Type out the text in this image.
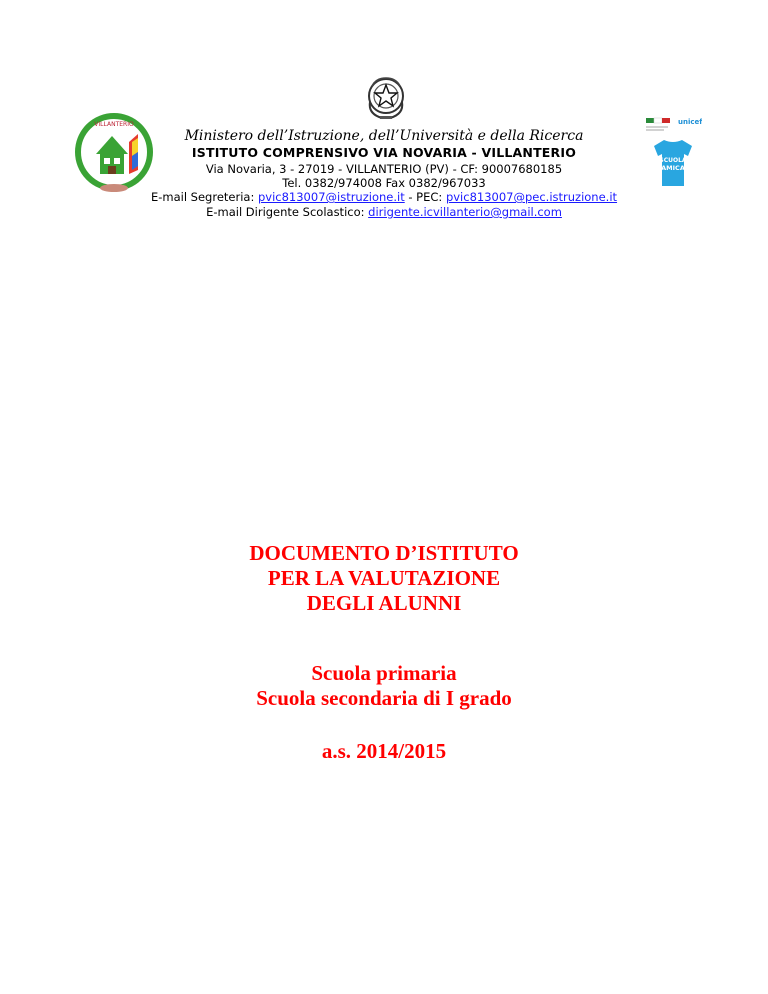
VILLANTERIO	unicef
SCUOLA
AMICA
Ministero dell’Istruzione, dell’Università e della Ricerca
ISTITUTO COMPRENSIVO VIA NOVARIA - VILLANTERIO
Via Novaria, 3 - 27019 - VILLANTERIO (PV) - CF: 90007680185
Tel. 0382/974008 Fax 0382/967033
E-mail Segreteria: pvic813007@istruzione.it - PEC: pvic813007@pec.istruzione.it
E-mail Dirigente Scolastico: dirigente.icvillanterio@gmail.com
DOCUMENTO D’ISTITUTO
PER LA VALUTAZIONE
DEGLI ALUNNI
Scuola primaria
Scuola secondaria di I grado
a.s. 2014/2015
